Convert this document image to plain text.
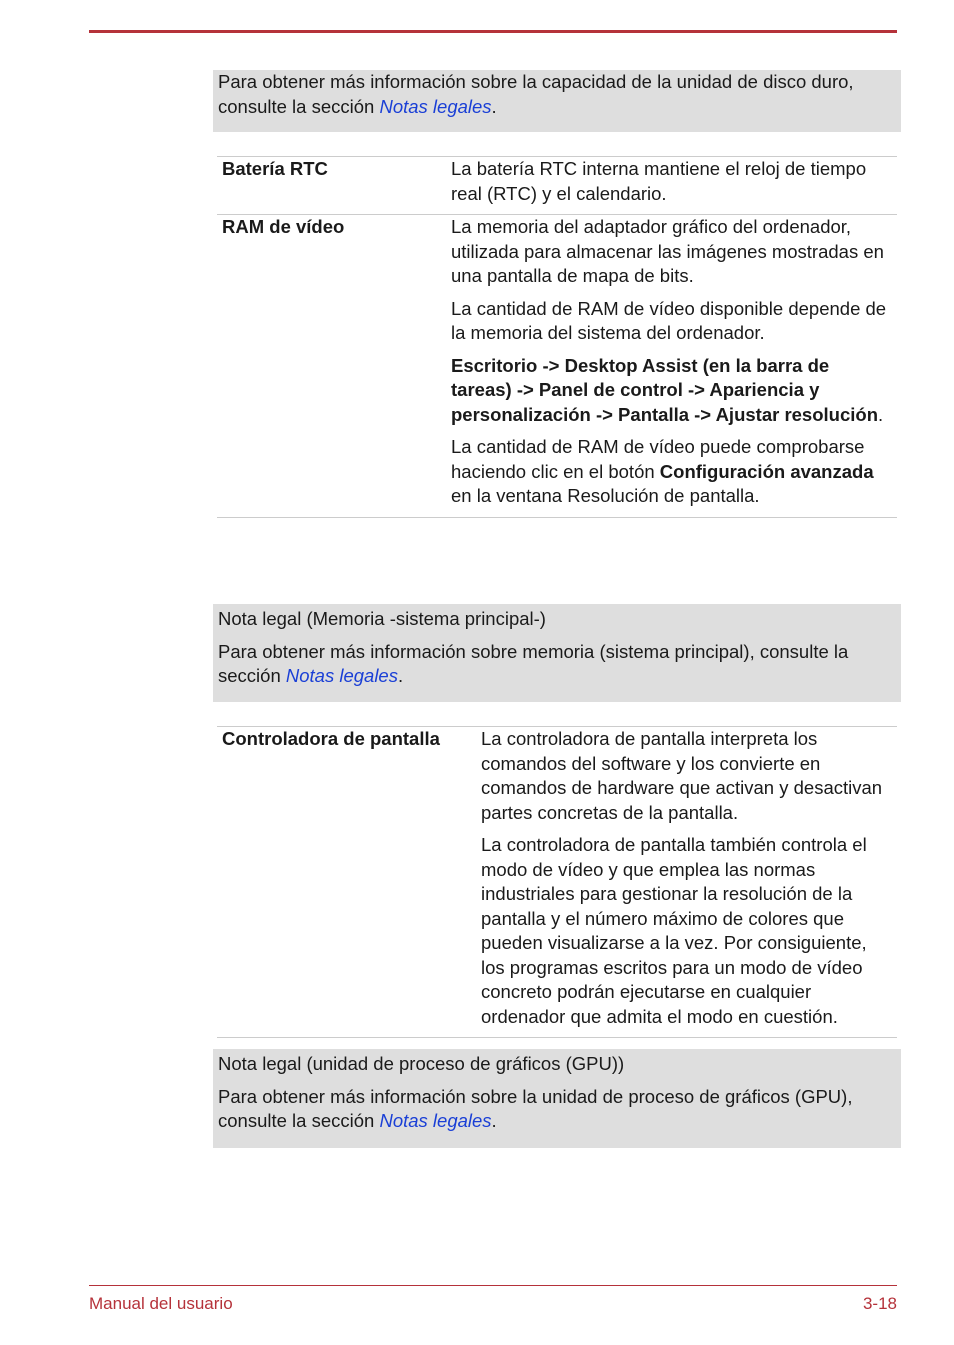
Para obtener más información sobre la capacidad de la unidad de disco duro, consulte la sección Notas legales.

Batería RTC	La batería RTC interna mantiene el reloj de tiempo real (RTC) y el calendario.

RAM de vídeo	La memoria del adaptador gráfico del ordenador, utilizada para almacenar las imágenes mostradas en una pantalla de mapa de bits.

La cantidad de RAM de vídeo disponible depende de la memoria del sistema del ordenador.

Escritorio -> Desktop Assist (en la barra de tareas) -> Panel de control -> Apariencia y personalización -> Pantalla -> Ajustar resolución.

La cantidad de RAM de vídeo puede comprobarse haciendo clic en el botón Configuración avanzada en la ventana Resolución de pantalla.

Nota legal (Memoria -sistema principal-)

Para obtener más información sobre memoria (sistema principal), consulte la sección Notas legales.

Controladora de pantalla	La controladora de pantalla interpreta los comandos del software y los convierte en comandos de hardware que activan y desactivan partes concretas de la pantalla.

La controladora de pantalla también controla el modo de vídeo y que emplea las normas industriales para gestionar la resolución de la pantalla y el número máximo de colores que pueden visualizarse a la vez. Por consiguiente, los programas escritos para un modo de vídeo concreto podrán ejecutarse en cualquier ordenador que admita el modo en cuestión.

Nota legal (unidad de proceso de gráficos (GPU))

Para obtener más información sobre la unidad de proceso de gráficos (GPU), consulte la sección Notas legales.

Manual del usuario	3-18
